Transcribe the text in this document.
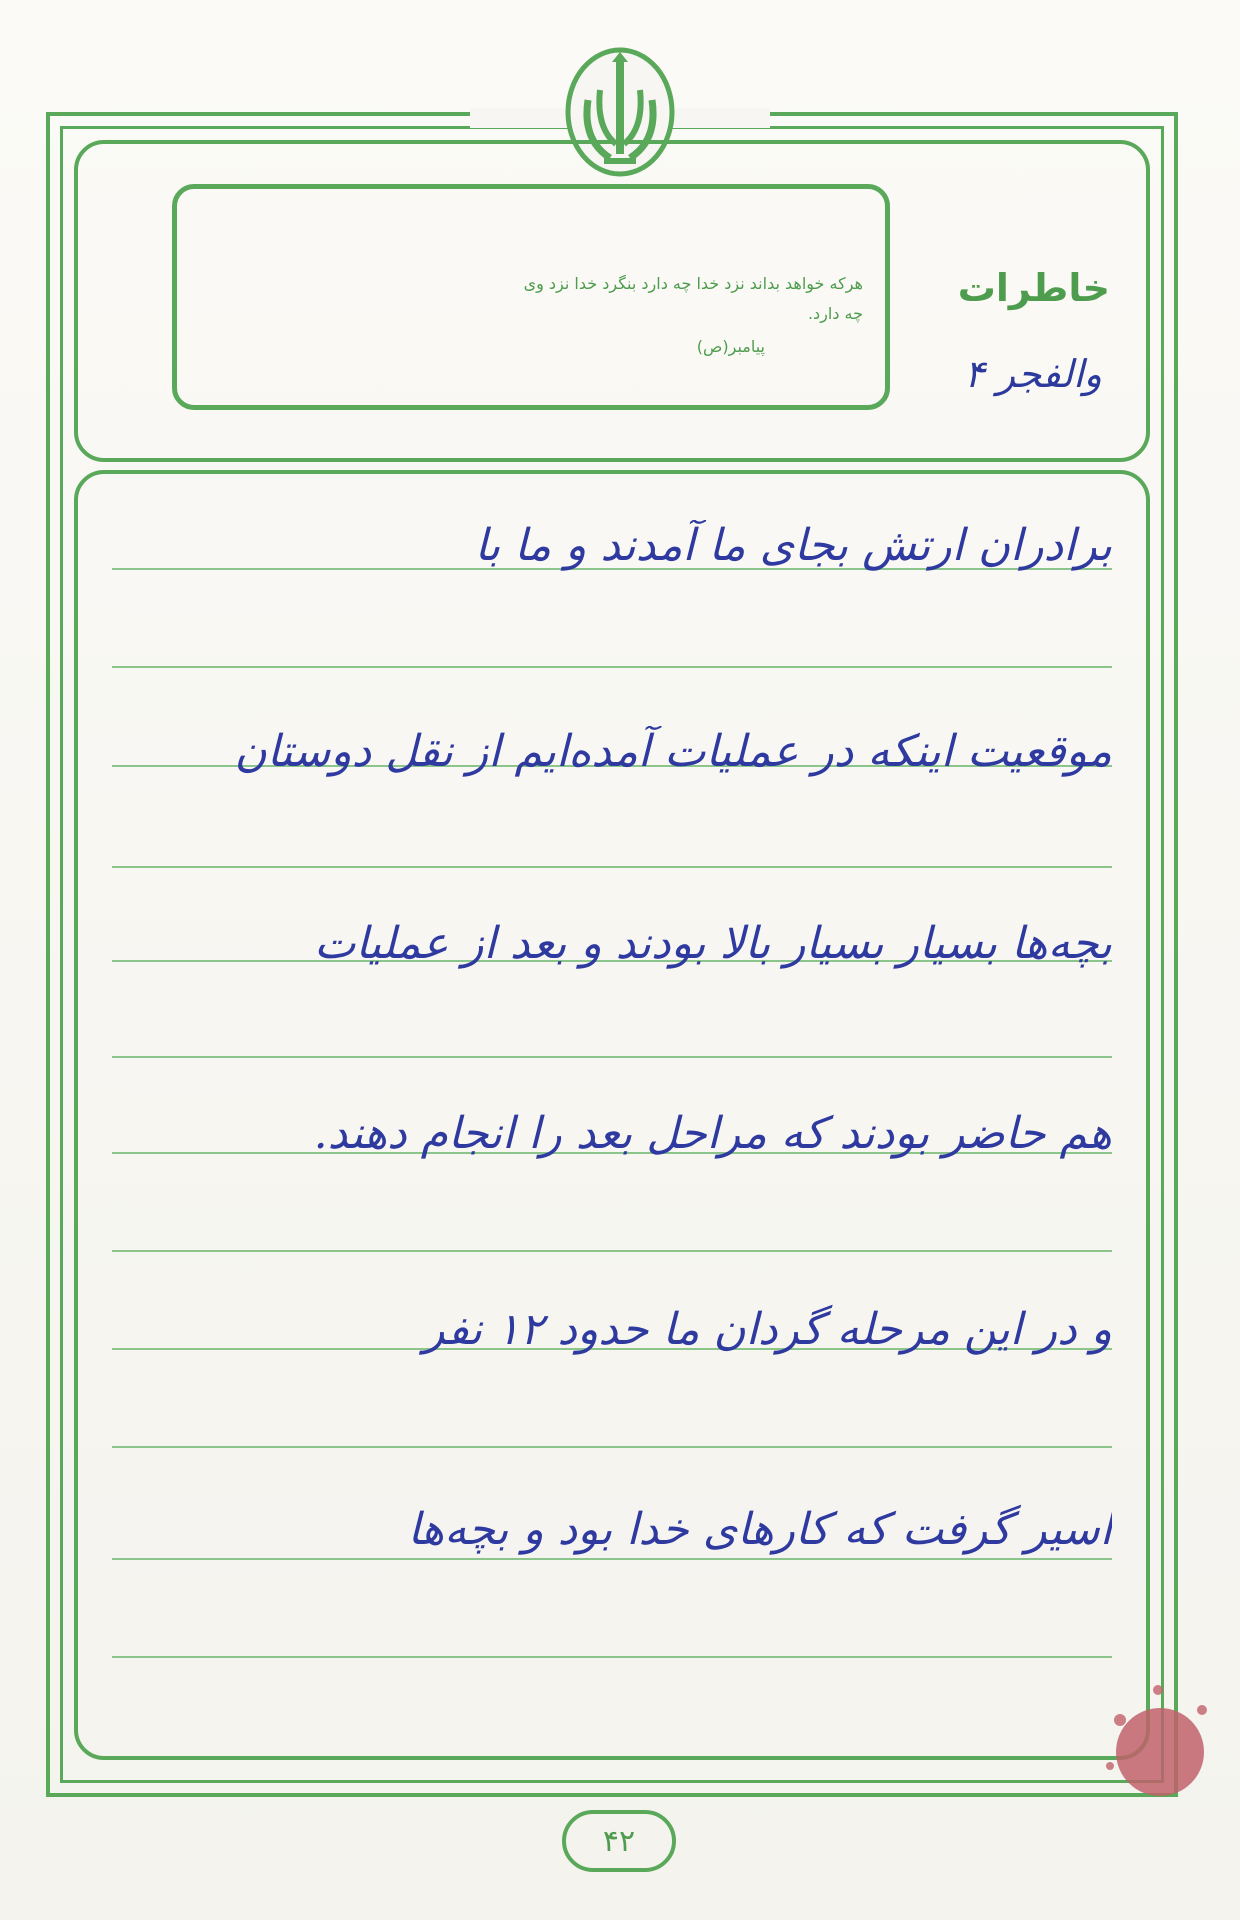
هرکه خواهد بداند نزد خدا چه دارد بنگرد خدا نزد وی
چه دارد.
پیامبر(ص)
خاطرات
والفجر ۴
برادران ارتش بجای ما آمدند و ما با
موقعیت اینکه در عملیات آمده‌ایم از نقل دوستان
بچه‌ها بسیار بسیار بالا بودند و بعد از عملیات
هم حاضر بودند که مراحل بعد را انجام دهند.
و در این مرحله گردان ما حدود ۱۲ نفر
اسیر گرفت که کارهای خدا بود و بچه‌ها
۴۲
